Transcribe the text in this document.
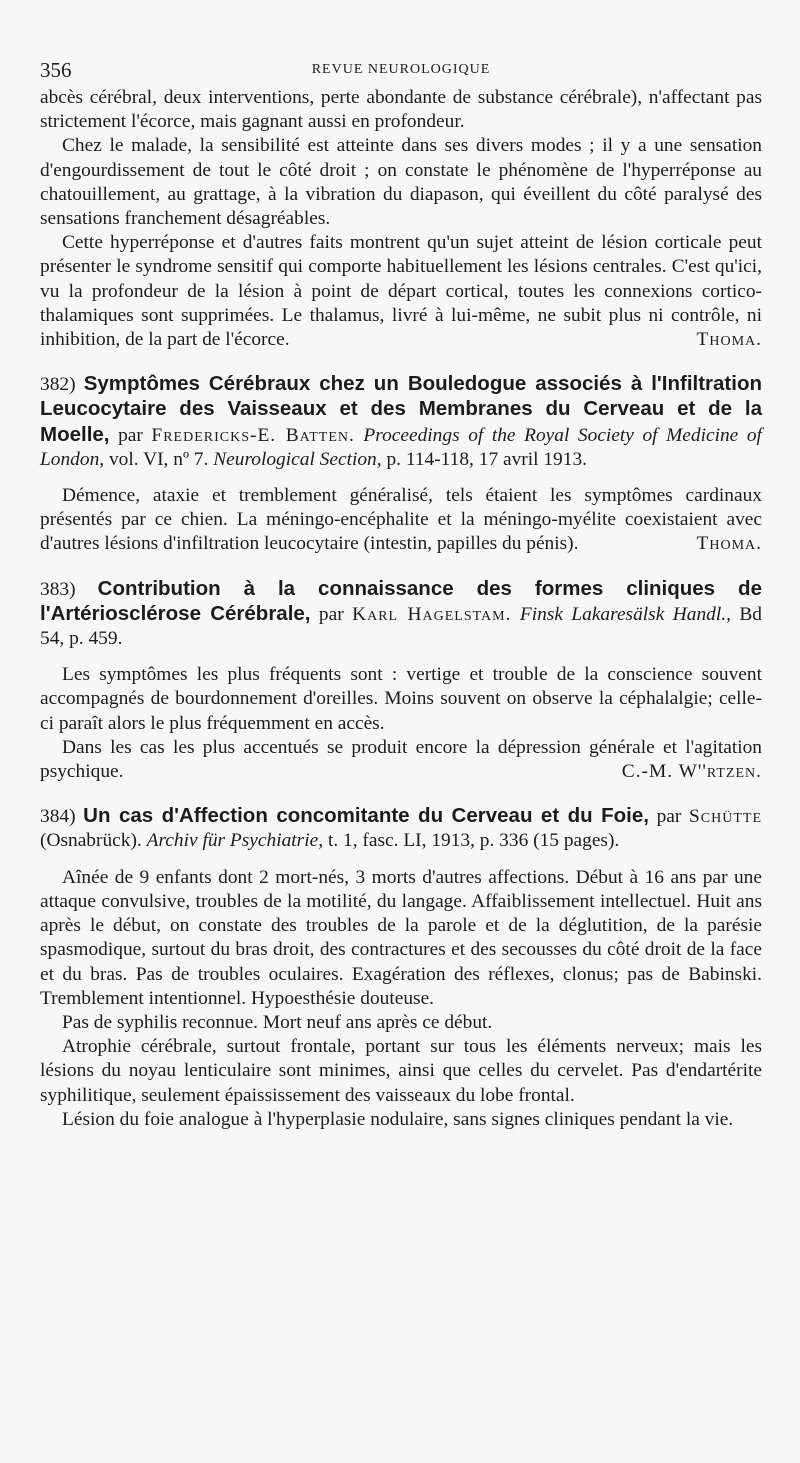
356	REVUE NEUROLOGIQUE

abcès cérébral, deux interventions, perte abondante de substance cérébrale), n'affectant pas strictement l'écorce, mais gagnant aussi en profondeur.

Chez le malade, la sensibilité est atteinte dans ses divers modes ; il y a une sensation d'engourdissement de tout le côté droit ; on constate le phénomène de l'hyperréponse au chatouillement, au grattage, à la vibration du diapason, qui éveillent du côté paralysé des sensations franchement désagréables.

Cette hyperréponse et d'autres faits montrent qu'un sujet atteint de lésion corticale peut présenter le syndrome sensitif qui comporte habituellement les lésions centrales. C'est qu'ici, vu la profondeur de la lésion à point de départ cortical, toutes les connexions cortico-thalamiques sont supprimées. Le thalamus, livré à lui-même, ne subit plus ni contrôle, ni inhibition, de la part de l'écorce.	Thoma.

382) Symptômes Cérébraux chez un Bouledogue associés à l'Infiltration Leucocytaire des Vaisseaux et des Membranes du Cerveau et de la Moelle, par Fredericks-E. Batten. Proceedings of the Royal Society of Medicine of London, vol. VI, nº 7. Neurological Section, p. 114-118, 17 avril 1913.

Démence, ataxie et tremblement généralisé, tels étaient les symptômes cardinaux présentés par ce chien. La méningo-encéphalite et la méningo-myélite coexistaient avec d'autres lésions d'infiltration leucocytaire (intestin, papilles du pénis).	Thoma.

383) Contribution à la connaissance des formes cliniques de l'Artériosclérose Cérébrale, par Karl Hagelstam. Finsk Lakaresälsk Handl., Bd 54, p. 459.

Les symptômes les plus fréquents sont : vertige et trouble de la conscience souvent accompagnés de bourdonnement d'oreilles. Moins souvent on observe la céphalalgie; celle-ci paraît alors le plus fréquemment en accès.

Dans les cas les plus accentués se produit encore la dépression générale et l'agitation psychique.	C.-M. W''rtzen.

384) Un cas d'Affection concomitante du Cerveau et du Foie, par Schütte (Osnabrück). Archiv für Psychiatrie, t. 1, fasc. LI, 1913, p. 336 (15 pages).

Aînée de 9 enfants dont 2 mort-nés, 3 morts d'autres affections. Début à 16 ans par une attaque convulsive, troubles de la motilité, du langage. Affaiblissement intellectuel. Huit ans après le début, on constate des troubles de la parole et de la déglutition, de la parésie spasmodique, surtout du bras droit, des contractures et des secousses du côté droit de la face et du bras. Pas de troubles oculaires. Exagération des réflexes, clonus; pas de Babinski. Tremblement intentionnel. Hypoesthésie douteuse.

Pas de syphilis reconnue. Mort neuf ans après ce début.

Atrophie cérébrale, surtout frontale, portant sur tous les éléments nerveux; mais les lésions du noyau lenticulaire sont minimes, ainsi que celles du cervelet. Pas d'endartérite syphilitique, seulement épaississement des vaisseaux du lobe frontal.

Lésion du foie analogue à l'hyperplasie nodulaire, sans signes cliniques pendant la vie.
